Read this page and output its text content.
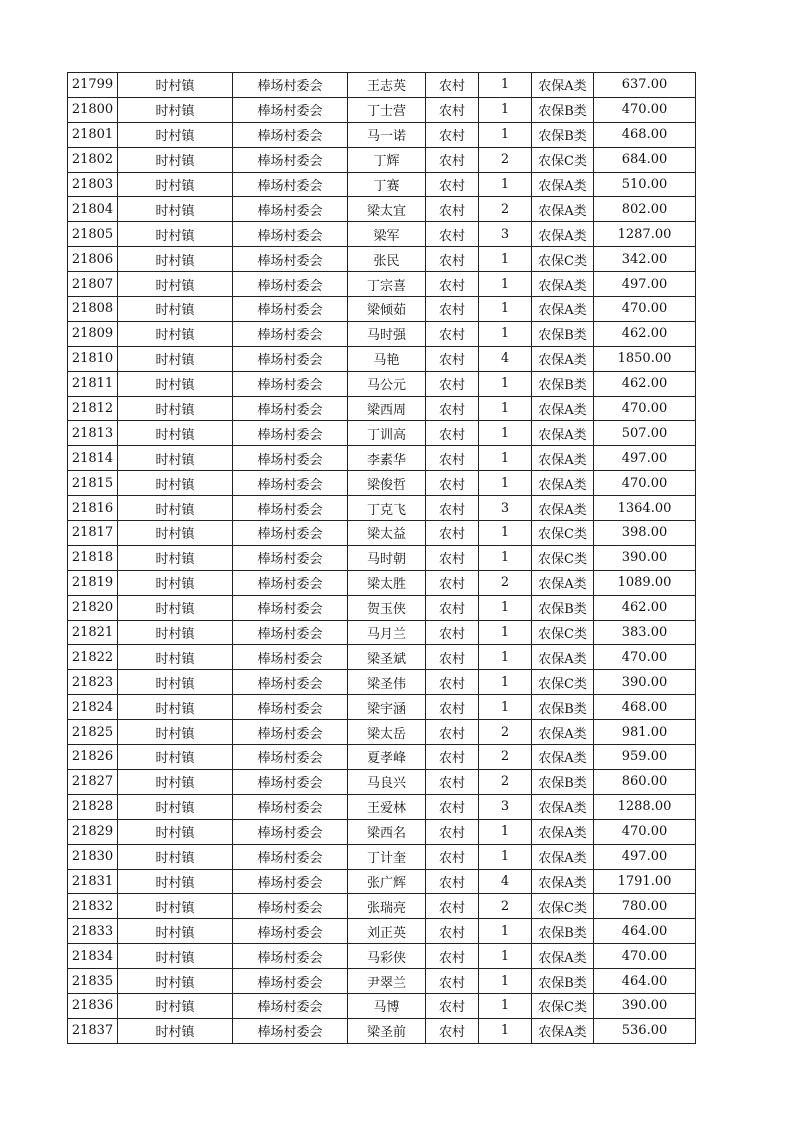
21799	时村镇	棒场村委会	王志英	农村	1	农保A类	637.00
21800	时村镇	棒场村委会	丁士营	农村	1	农保B类	470.00
21801	时村镇	棒场村委会	马一诺	农村	1	农保B类	468.00
21802	时村镇	棒场村委会	丁辉	农村	2	农保C类	684.00
21803	时村镇	棒场村委会	丁赛	农村	1	农保A类	510.00
21804	时村镇	棒场村委会	梁太宜	农村	2	农保A类	802.00
21805	时村镇	棒场村委会	梁军	农村	3	农保A类	1287.00
21806	时村镇	棒场村委会	张民	农村	1	农保C类	342.00
21807	时村镇	棒场村委会	丁宗喜	农村	1	农保A类	497.00
21808	时村镇	棒场村委会	梁倾茹	农村	1	农保A类	470.00
21809	时村镇	棒场村委会	马时强	农村	1	农保B类	462.00
21810	时村镇	棒场村委会	马艳	农村	4	农保A类	1850.00
21811	时村镇	棒场村委会	马公元	农村	1	农保B类	462.00
21812	时村镇	棒场村委会	梁西周	农村	1	农保A类	470.00
21813	时村镇	棒场村委会	丁训高	农村	1	农保A类	507.00
21814	时村镇	棒场村委会	李素华	农村	1	农保A类	497.00
21815	时村镇	棒场村委会	梁俊哲	农村	1	农保A类	470.00
21816	时村镇	棒场村委会	丁克飞	农村	3	农保A类	1364.00
21817	时村镇	棒场村委会	梁太益	农村	1	农保C类	398.00
21818	时村镇	棒场村委会	马时朝	农村	1	农保C类	390.00
21819	时村镇	棒场村委会	梁太胜	农村	2	农保A类	1089.00
21820	时村镇	棒场村委会	贺玉侠	农村	1	农保B类	462.00
21821	时村镇	棒场村委会	马月兰	农村	1	农保C类	383.00
21822	时村镇	棒场村委会	梁圣斌	农村	1	农保A类	470.00
21823	时村镇	棒场村委会	梁圣伟	农村	1	农保C类	390.00
21824	时村镇	棒场村委会	梁宇涵	农村	1	农保B类	468.00
21825	时村镇	棒场村委会	梁太岳	农村	2	农保A类	981.00
21826	时村镇	棒场村委会	夏孝峰	农村	2	农保A类	959.00
21827	时村镇	棒场村委会	马良兴	农村	2	农保B类	860.00
21828	时村镇	棒场村委会	王爱林	农村	3	农保A类	1288.00
21829	时村镇	棒场村委会	梁西名	农村	1	农保A类	470.00
21830	时村镇	棒场村委会	丁计奎	农村	1	农保A类	497.00
21831	时村镇	棒场村委会	张广辉	农村	4	农保A类	1791.00
21832	时村镇	棒场村委会	张瑞亮	农村	2	农保C类	780.00
21833	时村镇	棒场村委会	刘正英	农村	1	农保B类	464.00
21834	时村镇	棒场村委会	马彩侠	农村	1	农保A类	470.00
21835	时村镇	棒场村委会	尹翠兰	农村	1	农保B类	464.00
21836	时村镇	棒场村委会	马博	农村	1	农保C类	390.00
21837	时村镇	棒场村委会	梁圣前	农村	1	农保A类	536.00
